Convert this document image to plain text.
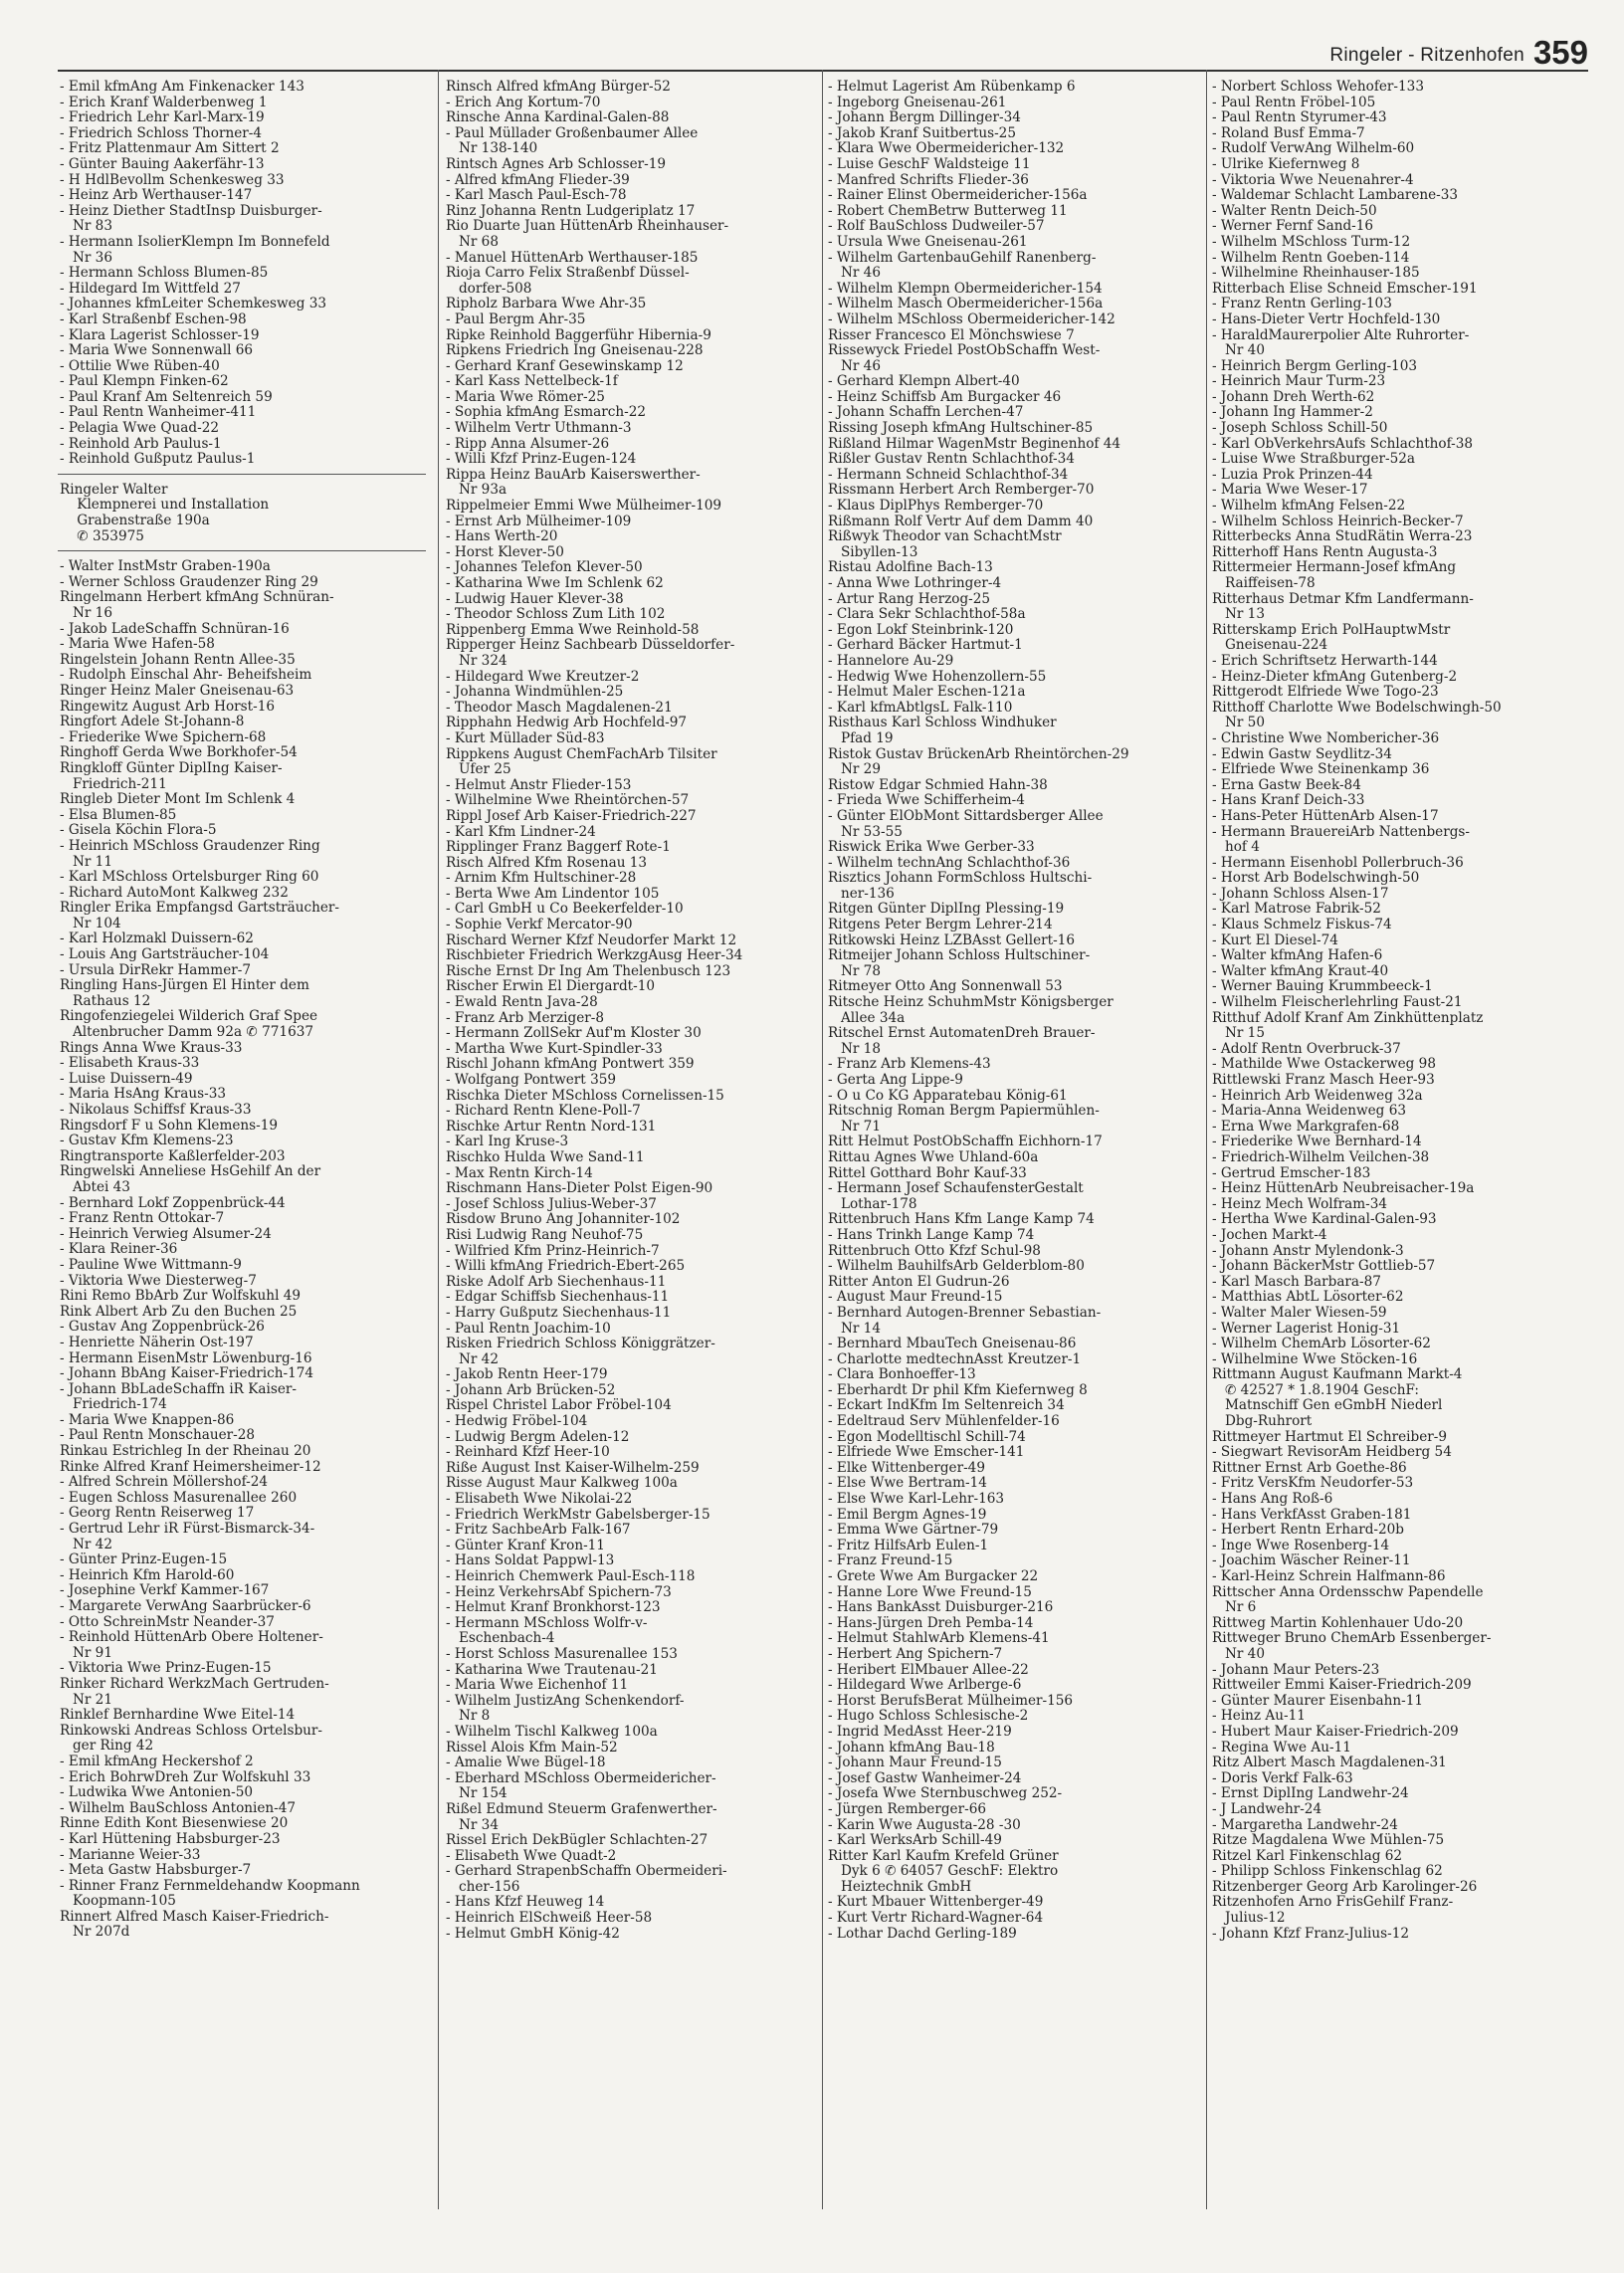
Ringeler - Ritzenhofen 359
- Emil kfmAng Am Finkenacker 143
- Erich Kranf Walderbenweg 1
- Friedrich Lehr Karl-Marx-19
- Friedrich Schloss Thorner-4
- Fritz Plattenmaur Am Sittert 2
- Günter Bauing Aakerfähr-13
- H HdlBevollm Schenkesweg 33
- Heinz Arb Werthauser-147
- Heinz Diether StadtInsp Duisburger-
Nr 83
- Hermann IsolierKlempn Im Bonnefeld
Nr 36
- Hermann Schloss Blumen-85
- Hildegard Im Wittfeld 27
- Johannes kfmLeiter Schemkesweg 33
- Karl Straßenbf Eschen-98
- Klara Lagerist Schlosser-19
- Maria Wwe Sonnenwall 66
- Ottilie Wwe Rüben-40
- Paul Klempn Finken-62
- Paul Kranf Am Seltenreich 59
- Paul Rentn Wanheimer-411
- Pelagia Wwe Quad-22
- Reinhold Arb Paulus-1
- Reinhold Gußputz Paulus-1
Ringeler Walter
Klempnerei und Installation
Grabenstraße 190a
✆ 353975
- Walter InstMstr Graben-190a
- Werner Schloss Graudenzer Ring 29
Ringelmann Herbert kfmAng Schnüran-
Nr 16
- Jakob LadeSchaffn Schnüran-16
- Maria Wwe Hafen-58
Ringelstein Johann Rentn Allee-35
- Rudolph Einschal Ahr- Beheifsheim
Ringer Heinz Maler Gneisenau-63
Ringewitz August Arb Horst-16
Ringfort Adele St-Johann-8
- Friederike Wwe Spichern-68
Ringhoff Gerda Wwe Borkhofer-54
Ringkloff Günter DiplIng Kaiser-
Friedrich-211
Ringleb Dieter Mont Im Schlenk 4
- Elsa Blumen-85
- Gisela Köchin Flora-5
- Heinrich MSchloss Graudenzer Ring
Nr 11
- Karl MSchloss Ortelsburger Ring 60
- Richard AutoMont Kalkweg 232
Ringler Erika Empfangsd Gartsträucher-
Nr 104
- Karl Holzmakl Duissern-62
- Louis Ang Gartsträucher-104
- Ursula DirRekr Hammer-7
Ringling Hans-Jürgen El Hinter dem
Rathaus 12
Ringofenziegelei Wilderich Graf Spee
Altenbrucher Damm 92a ✆ 771637
Rings Anna Wwe Kraus-33
- Elisabeth Kraus-33
- Luise Duissern-49
- Maria HsAng Kraus-33
- Nikolaus Schiffsf Kraus-33
Ringsdorf F u Sohn Klemens-19
- Gustav Kfm Klemens-23
Ringtransporte Kaßlerfelder-203
Ringwelski Anneliese HsGehilf An der
Abtei 43
- Bernhard Lokf Zoppenbrück-44
- Franz Rentn Ottokar-7
- Heinrich Verwieg Alsumer-24
- Klara Reiner-36
- Pauline Wwe Wittmann-9
- Viktoria Wwe Diesterweg-7
Rini Remo BbArb Zur Wolfskuhl 49
Rink Albert Arb Zu den Buchen 25
- Gustav Ang Zoppenbrück-26
- Henriette Näherin Ost-197
- Hermann EisenMstr Löwenburg-16
- Johann BbAng Kaiser-Friedrich-174
- Johann BbLadeSchaffn iR Kaiser-
Friedrich-174
- Maria Wwe Knappen-86
- Paul Rentn Monschauer-28
Rinkau Estrichleg In der Rheinau 20
Rinke Alfred Kranf Heimersheimer-12
- Alfred Schrein Möllershof-24
- Eugen Schloss Masurenallee 260
- Georg Rentn Reiserweg 17
- Gertrud Lehr iR Fürst-Bismarck-34-
Nr 42
- Günter Prinz-Eugen-15
- Heinrich Kfm Harold-60
- Josephine Verkf Kammer-167
- Margarete VerwAng Saarbrücker-6
- Otto SchreinMstr Neander-37
- Reinhold HüttenArb Obere Holtener-
Nr 91
- Viktoria Wwe Prinz-Eugen-15
Rinker Richard WerkzMach Gertruden-
Nr 21
Rinklef Bernhardine Wwe Eitel-14
Rinkowski Andreas Schloss Ortelsbur-
ger Ring 42
- Emil kfmAng Heckershof 2
- Erich BohrwDreh Zur Wolfskuhl 33
- Ludwika Wwe Antonien-50
- Wilhelm BauSchloss Antonien-47
Rinne Edith Kont Biesenwiese 20
- Karl Hüttening Habsburger-23
- Marianne Weier-33
- Meta Gastw Habsburger-7
- Rinner Franz Fernmeldehandw Koopmann
Koopmann-105
Rinnert Alfred Masch Kaiser-Friedrich-
Nr 207d
Rinsch Alfred kfmAng Bürger-52
- Erich Ang Kortum-70
Rinsche Anna Kardinal-Galen-88
- Paul Müllader Großenbaumer Allee
Nr 138-140
Rintsch Agnes Arb Schlosser-19
- Alfred kfmAng Flieder-39
- Karl Masch Paul-Esch-78
Rinz Johanna Rentn Ludgeriplatz 17
Rio Duarte Juan HüttenArb Rheinhauser-
Nr 68
- Manuel HüttenArb Werthauser-185
Rioja Carro Felix Straßenbf Düssel-
dorfer-508
Ripholz Barbara Wwe Ahr-35
- Paul Bergm Ahr-35
Ripke Reinhold Baggerführ Hibernia-9
Ripkens Friedrich Ing Gneisenau-228
- Gerhard Kranf Gesewinskamp 12
- Karl Kass Nettelbeck-1f
- Maria Wwe Römer-25
- Sophia kfmAng Esmarch-22
- Wilhelm Vertr Uthmann-3
- Ripp Anna Alsumer-26
- Willi Kfzf Prinz-Eugen-124
Rippa Heinz BauArb Kaiserswerther-
Nr 93a
Rippelmeier Emmi Wwe Mülheimer-109
- Ernst Arb Mülheimer-109
- Hans Werth-20
- Horst Klever-50
- Johannes Telefon Klever-50
- Katharina Wwe Im Schlenk 62
- Ludwig Hauer Klever-38
- Theodor Schloss Zum Lith 102
Rippenberg Emma Wwe Reinhold-58
Ripperger Heinz Sachbearb Düsseldorfer-
Nr 324
- Hildegard Wwe Kreutzer-2
- Johanna Windmühlen-25
- Theodor Masch Magdalenen-21
Ripphahn Hedwig Arb Hochfeld-97
- Kurt Müllader Süd-83
Rippkens August ChemFachArb Tilsiter
Ufer 25
- Helmut Anstr Flieder-153
- Wilhelmine Wwe Rheintörchen-57
Rippl Josef Arb Kaiser-Friedrich-227
- Karl Kfm Lindner-24
Ripplinger Franz Baggerf Rote-1
Risch Alfred Kfm Rosenau 13
- Arnim Kfm Hultschiner-28
- Berta Wwe Am Lindentor 105
- Carl GmbH u Co Beekerfelder-10
- Sophie Verkf Mercator-90
Rischard Werner Kfzf Neudorfer Markt 12
Rischbieter Friedrich WerkzgAusg Heer-34
Rische Ernst Dr Ing Am Thelenbusch 123
Rischer Erwin El Diergardt-10
- Ewald Rentn Java-28
- Franz Arb Merziger-8
- Hermann ZollSekr Auf'm Kloster 30
- Martha Wwe Kurt-Spindler-33
Rischl Johann kfmAng Pontwert 359
- Wolfgang Pontwert 359
Rischka Dieter MSchloss Cornelissen-15
- Richard Rentn Klene-Poll-7
Rischke Artur Rentn Nord-131
- Karl Ing Kruse-3
Rischko Hulda Wwe Sand-11
- Max Rentn Kirch-14
Rischmann Hans-Dieter Polst Eigen-90
- Josef Schloss Julius-Weber-37
Risdow Bruno Ang Johanniter-102
Risi Ludwig Rang Neuhof-75
- Wilfried Kfm Prinz-Heinrich-7
- Willi kfmAng Friedrich-Ebert-265
Riske Adolf Arb Siechenhaus-11
- Edgar Schiffsb Siechenhaus-11
- Harry Gußputz Siechenhaus-11
- Paul Rentn Joachim-10
Risken Friedrich Schloss Königgrätzer-
Nr 42
- Jakob Rentn Heer-179
- Johann Arb Brücken-52
Rispel Christel Labor Fröbel-104
- Hedwig Fröbel-104
- Ludwig Bergm Adelen-12
- Reinhard Kfzf Heer-10
Riße August Inst Kaiser-Wilhelm-259
Risse August Maur Kalkweg 100a
- Elisabeth Wwe Nikolai-22
- Friedrich WerkMstr Gabelsberger-15
- Fritz SachbeArb Falk-167
- Günter Kranf Kron-11
- Hans Soldat Pappwl-13
- Heinrich Chemwerk Paul-Esch-118
- Heinz VerkehrsAbf Spichern-73
- Helmut Kranf Bronkhorst-123
- Hermann MSchloss Wolfr-v-
Eschenbach-4
- Horst Schloss Masurenallee 153
- Katharina Wwe Trautenau-21
- Maria Wwe Eichenhof 11
- Wilhelm JustizAng Schenkendorf-
Nr 8
- Wilhelm Tischl Kalkweg 100a
Rissel Alois Kfm Main-52
- Amalie Wwe Bügel-18
- Eberhard MSchloss Obermeidericher-
Nr 154
Rißel Edmund Steuerm Grafenwerther-
Nr 34
Rissel Erich DekBügler Schlachten-27
- Elisabeth Wwe Quadt-2
- Gerhard StrapenbSchaffn Obermeideri-
cher-156
- Hans Kfzf Heuweg 14
- Heinrich ElSchweiß Heer-58
- Helmut GmbH König-42
- Helmut Lagerist Am Rübenkamp 6
- Ingeborg Gneisenau-261
- Johann Bergm Dillinger-34
- Jakob Kranf Suitbertus-25
- Klara Wwe Obermeidericher-132
- Luise GeschF Waldsteige 11
- Manfred Schrifts Flieder-36
- Rainer Elinst Obermeidericher-156a
- Robert ChemBetrw Butterweg 11
- Rolf BauSchloss Dudweiler-57
- Ursula Wwe Gneisenau-261
- Wilhelm GartenbauGehilf Ranenberg-
Nr 46
- Wilhelm Klempn Obermeidericher-154
- Wilhelm Masch Obermeidericher-156a
- Wilhelm MSchloss Obermeidericher-142
Risser Francesco El Mönchswiese 7
Rissewyck Friedel PostObSchaffn West-
Nr 46
- Gerhard Klempn Albert-40
- Heinz Schiffsb Am Burgacker 46
- Johann Schaffn Lerchen-47
Rissing Joseph kfmAng Hultschiner-85
Rißland Hilmar WagenMstr Beginenhof 44
Rißler Gustav Rentn Schlachthof-34
- Hermann Schneid Schlachthof-34
Rissmann Herbert Arch Remberger-70
- Klaus DiplPhys Remberger-70
Rißmann Rolf Vertr Auf dem Damm 40
Rißwyk Theodor van SchachtMstr
Sibyllen-13
Ristau Adolfine Bach-13
- Anna Wwe Lothringer-4
- Artur Rang Herzog-25
- Clara Sekr Schlachthof-58a
- Egon Lokf Steinbrink-120
- Gerhard Bäcker Hartmut-1
- Hannelore Au-29
- Hedwig Wwe Hohenzollern-55
- Helmut Maler Eschen-121a
- Karl kfmAbtlgsL Falk-110
Risthaus Karl Schloss Windhuker
Pfad 19
Ristok Gustav BrückenArb Rheintörchen-29
Nr 29
Ristow Edgar Schmied Hahn-38
- Frieda Wwe Schifferheim-4
- Günter ElObMont Sittardsberger Allee
Nr 53-55
Riswick Erika Wwe Gerber-33
- Wilhelm technAng Schlachthof-36
Risztics Johann FormSchloss Hultschi-
ner-136
Ritgen Günter DiplIng Plessing-19
Ritgens Peter Bergm Lehrer-214
Ritkowski Heinz LZBAsst Gellert-16
Ritmeijer Johann Schloss Hultschiner-
Nr 78
Ritmeyer Otto Ang Sonnenwall 53
Ritsche Heinz SchuhmMstr Königsberger
Allee 34a
Ritschel Ernst AutomatenDreh Brauer-
Nr 18
- Franz Arb Klemens-43
- Gerta Ang Lippe-9
- O u Co KG Apparatebau König-61
Ritschnig Roman Bergm Papiermühlen-
Nr 71
Ritt Helmut PostObSchaffn Eichhorn-17
Rittau Agnes Wwe Uhland-60a
Rittel Gotthard Bohr Kauf-33
- Hermann Josef SchaufensterGestalt
Lothar-178
Rittenbruch Hans Kfm Lange Kamp 74
- Hans Trinkh Lange Kamp 74
Rittenbruch Otto Kfzf Schul-98
- Wilhelm BauhilfsArb Gelderblom-80
Ritter Anton El Gudrun-26
- August Maur Freund-15
- Bernhard Autogen-Brenner Sebastian-
Nr 14
- Bernhard MbauTech Gneisenau-86
- Charlotte medtechnAsst Kreutzer-1
- Clara Bonhoeffer-13
- Eberhardt Dr phil Kfm Kiefernweg 8
- Eckart IndKfm Im Seltenreich 34
- Edeltraud Serv Mühlenfelder-16
- Egon Modelltischl Schill-74
- Elfriede Wwe Emscher-141
- Elke Wittenberger-49
- Else Wwe Bertram-14
- Else Wwe Karl-Lehr-163
- Emil Bergm Agnes-19
- Emma Wwe Gärtner-79
- Fritz HilfsArb Eulen-1
- Franz Freund-15
- Grete Wwe Am Burgacker 22
- Hanne Lore Wwe Freund-15
- Hans BankAsst Duisburger-216
- Hans-Jürgen Dreh Pemba-14
- Helmut StahlwArb Klemens-41
- Herbert Ang Spichern-7
- Heribert ElMbauer Allee-22
- Hildegard Wwe Arlberge-6
- Horst BerufsBerat Mülheimer-156
- Hugo Schloss Schlesische-2
- Ingrid MedAsst Heer-219
- Johann kfmAng Bau-18
- Johann Maur Freund-15
- Josef Gastw Wanheimer-24
- Josefa Wwe Sternbuschweg 252-
- Jürgen Remberger-66
- Karin Wwe Augusta-28 -30
- Karl WerksArb Schill-49
Ritter Karl Kaufm Krefeld Grüner
Dyk 6 ✆ 64057 GeschF: Elektro
Heiztechnik GmbH
- Kurt Mbauer Wittenberger-49
- Kurt Vertr Richard-Wagner-64
- Lothar Dachd Gerling-189
- Norbert Schloss Wehofer-133
- Paul Rentn Fröbel-105
- Paul Rentn Styrumer-43
- Roland Busf Emma-7
- Rudolf VerwAng Wilhelm-60
- Ulrike Kiefernweg 8
- Viktoria Wwe Neuenahrer-4
- Waldemar Schlacht Lambarene-33
- Walter Rentn Deich-50
- Werner Fernf Sand-16
- Wilhelm MSchloss Turm-12
- Wilhelm Rentn Goeben-114
- Wilhelmine Rheinhauser-185
Ritterbach Elise Schneid Emscher-191
- Franz Rentn Gerling-103
- Hans-Dieter Vertr Hochfeld-130
- HaraldMaurerpolier Alte Ruhrorter-
Nr 40
- Heinrich Bergm Gerling-103
- Heinrich Maur Turm-23
- Johann Dreh Werth-62
- Johann Ing Hammer-2
- Joseph Schloss Schill-50
- Karl ObVerkehrsAufs Schlachthof-38
- Luise Wwe Straßburger-52a
- Luzia Prok Prinzen-44
- Maria Wwe Weser-17
- Wilhelm kfmAng Felsen-22
- Wilhelm Schloss Heinrich-Becker-7
Ritterbecks Anna StudRätin Werra-23
Ritterhoff Hans Rentn Augusta-3
Rittermeier Hermann-Josef kfmAng
Raiffeisen-78
Ritterhaus Detmar Kfm Landfermann-
Nr 13
Ritterskamp Erich PolHauptwMstr
Gneisenau-224
- Erich Schriftsetz Herwarth-144
- Heinz-Dieter kfmAng Gutenberg-2
Rittgerodt Elfriede Wwe Togo-23
Ritthoff Charlotte Wwe Bodelschwingh-50
Nr 50
- Christine Wwe Nombericher-36
- Edwin Gastw Seydlitz-34
- Elfriede Wwe Steinenkamp 36
- Erna Gastw Beek-84
- Hans Kranf Deich-33
- Hans-Peter HüttenArb Alsen-17
- Hermann BrauereiArb Nattenbergs-
hof 4
- Hermann Eisenhobl Pollerbruch-36
- Horst Arb Bodelschwingh-50
- Johann Schloss Alsen-17
- Karl Matrose Fabrik-52
- Klaus Schmelz Fiskus-74
- Kurt El Diesel-74
- Walter kfmAng Hafen-6
- Walter kfmAng Kraut-40
- Werner Bauing Krummbeeck-1
- Wilhelm Fleischerlehrling Faust-21
Ritthuf Adolf Kranf Am Zinkhüttenplatz
Nr 15
- Adolf Rentn Overbruck-37
- Mathilde Wwe Ostackerweg 98
Rittlewski Franz Masch Heer-93
- Heinrich Arb Weidenweg 32a
- Maria-Anna Weidenweg 63
- Erna Wwe Markgrafen-68
- Friederike Wwe Bernhard-14
- Friedrich-Wilhelm Veilchen-38
- Gertrud Emscher-183
- Heinz HüttenArb Neubreisacher-19a
- Heinz Mech Wolfram-34
- Hertha Wwe Kardinal-Galen-93
- Jochen Markt-4
- Johann Anstr Mylendonk-3
- Johann BäckerMstr Gottlieb-57
- Karl Masch Barbara-87
- Matthias AbtL Lösorter-62
- Walter Maler Wiesen-59
- Werner Lagerist Honig-31
- Wilhelm ChemArb Lösorter-62
- Wilhelmine Wwe Stöcken-16
Rittmann August Kaufmann Markt-4
✆ 42527 * 1.8.1904 GeschF:
Matnschiff Gen eGmbH Niederl
Dbg-Ruhrort
Rittmeyer Hartmut El Schreiber-9
- Siegwart RevisorAm Heidberg 54
Rittner Ernst Arb Goethe-86
- Fritz VersKfm Neudorfer-53
- Hans Ang Roß-6
- Hans VerkfAsst Graben-181
- Herbert Rentn Erhard-20b
- Inge Wwe Rosenberg-14
- Joachim Wäscher Reiner-11
- Karl-Heinz Schrein Halfmann-86
Rittscher Anna Ordensschw Papendelle
Nr 6
Rittweg Martin Kohlenhauer Udo-20
Rittweger Bruno ChemArb Essenberger-
Nr 40
- Johann Maur Peters-23
Rittweiler Emmi Kaiser-Friedrich-209
- Günter Maurer Eisenbahn-11
- Heinz Au-11
- Hubert Maur Kaiser-Friedrich-209
- Regina Wwe Au-11
Ritz Albert Masch Magdalenen-31
- Doris Verkf Falk-63
- Ernst DiplIng Landwehr-24
- J Landwehr-24
- Margaretha Landwehr-24
Ritze Magdalena Wwe Mühlen-75
Ritzel Karl Finkenschlag 62
- Philipp Schloss Finkenschlag 62
Ritzenberger Georg Arb Karolinger-26
Ritzenhofen Arno FrisGehilf Franz-
Julius-12
- Johann Kfzf Franz-Julius-12
